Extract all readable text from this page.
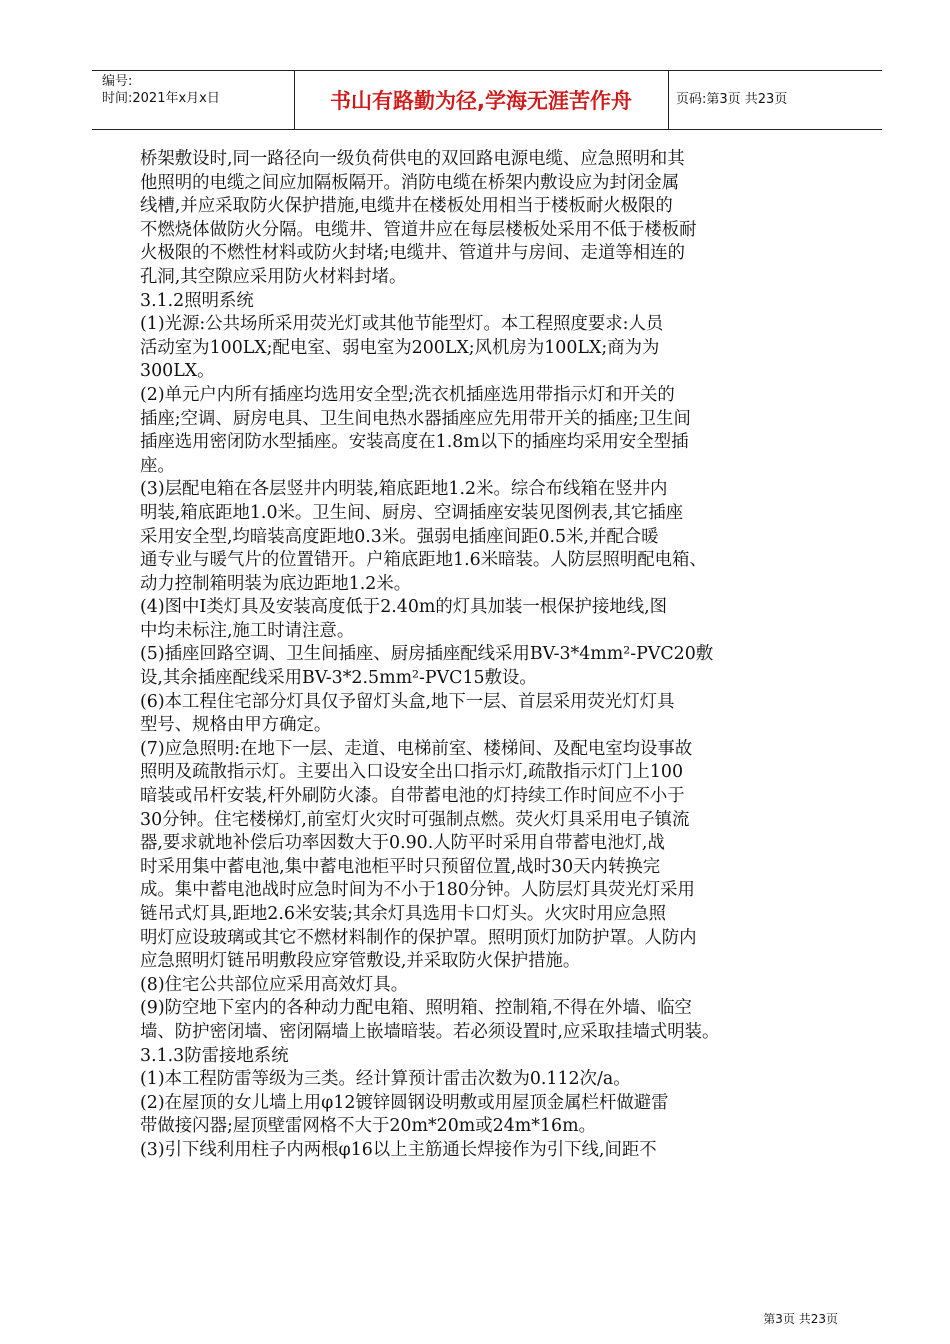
编号:
时间:2021年x月x日	书山有路勤为径,学海无涯苦作舟	页码:第3页 共23页
桥架敷设时,同一路径向一级负荷供电的双回路电源电缆、应急照明和其
他照明的电缆之间应加隔板隔开。消防电缆在桥架内敷设应为封闭金属
线槽,并应采取防火保护措施,电缆井在楼板处用相当于楼板耐火极限的
不燃烧体做防火分隔。电缆井、管道井应在每层楼板处采用不低于楼板耐
火极限的不燃性材料或防火封堵;电缆井、管道井与房间、走道等相连的
孔洞,其空隙应采用防火材料封堵。
3.1.2照明系统
(1)光源:公共场所采用荧光灯或其他节能型灯。本工程照度要求:人员
活动室为100LX;配电室、弱电室为200LX;风机房为100LX;商为为
300LX。
(2)单元户内所有插座均选用安全型;洗衣机插座选用带指示灯和开关的
插座;空调、厨房电具、卫生间电热水器插座应先用带开关的插座;卫生间
插座选用密闭防水型插座。安装高度在1.8m以下的插座均采用安全型插
座。
(3)层配电箱在各层竖井内明装,箱底距地1.2米。综合布线箱在竖井内
明装,箱底距地1.0米。卫生间、厨房、空调插座安装见图例表,其它插座
采用安全型,均暗装高度距地0.3米。强弱电插座间距0.5米,并配合暖
通专业与暖气片的位置错开。户箱底距地1.6米暗装。人防层照明配电箱、
动力控制箱明装为底边距地1.2米。
(4)图中I类灯具及安装高度低于2.40m的灯具加装一根保护接地线,图
中均未标注,施工时请注意。
(5)插座回路空调、卫生间插座、厨房插座配线采用BV-3*4mm²-PVC20敷
设,其余插座配线采用BV-3*2.5mm²-PVC15敷设。
(6)本工程住宅部分灯具仅予留灯头盒,地下一层、首层采用荧光灯灯具
型号、规格由甲方确定。
(7)应急照明:在地下一层、走道、电梯前室、楼梯间、及配电室均设事故
照明及疏散指示灯。主要出入口设安全出口指示灯,疏散指示灯门上100
暗装或吊杆安装,杆外刷防火漆。自带蓄电池的灯持续工作时间应不小于
30分钟。住宅楼梯灯,前室灯火灾时可强制点燃。荧火灯具采用电子镇流
器,要求就地补偿后功率因数大于0.90.人防平时采用自带蓄电池灯,战
时采用集中蓄电池,集中蓄电池柜平时只预留位置,战时30天内转换完
成。集中蓄电池战时应急时间为不小于180分钟。人防层灯具荧光灯采用
链吊式灯具,距地2.6米安装;其余灯具选用卡口灯头。火灾时用应急照
明灯应设玻璃或其它不燃材料制作的保护罩。照明顶灯加防护罩。人防内
应急照明灯链吊明敷段应穿管敷设,并采取防火保护措施。
(8)住宅公共部位应采用高效灯具。
(9)防空地下室内的各种动力配电箱、照明箱、控制箱,不得在外墙、临空
墙、防护密闭墙、密闭隔墙上嵌墙暗装。若必须设置时,应采取挂墙式明装。
3.1.3防雷接地系统
(1)本工程防雷等级为三类。经计算预计雷击次数为0.112次/a。
(2)在屋顶的女儿墙上用φ12镀锌圆钢设明敷或用屋顶金属栏杆做避雷
带做接闪器;屋顶壁雷网格不大于20m*20m或24m*16m。
(3)引下线利用柱子内两根φ16以上主筋通长焊接作为引下线,间距不
第3页 共23页
